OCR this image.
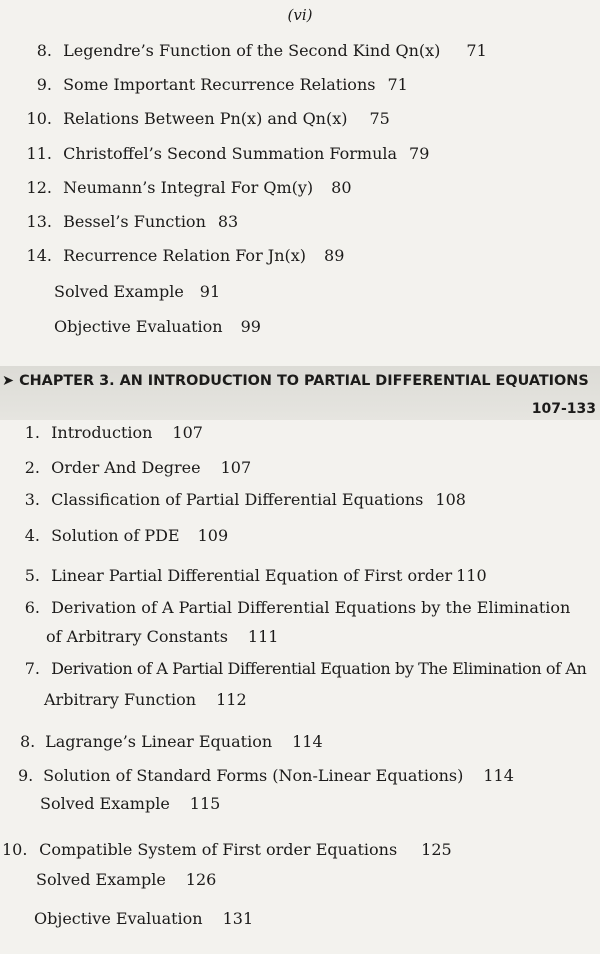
(vi)
8. Legendre’s Function of the Second Kind Qn(x) 71
9. Some Important Recurrence Relations 71
10. Relations Between Pn(x) and Qn(x) 75
11. Christoffel’s Second Summation Formula 79
12. Neumann’s Integral For Qm(y) 80
13. Bessel’s Function 83
14. Recurrence Relation For Jn(x) 89
Solved Example 91
Objective Evaluation 99
➤ CHAPTER 3. AN INTRODUCTION TO PARTIAL DIFFERENTIAL EQUATIONS
107-133
1. Introduction 107
2. Order And Degree 107
3. Classification of Partial Differential Equations 108
4. Solution of PDE 109
5. Linear Partial Differential Equation of First order 110
6. Derivation of A Partial Differential Equations by the Elimination
of Arbitrary Constants 111
7. Derivation of A Partial Differential Equation by The Elimination of An
Arbitrary Function 112
8. Lagrange’s Linear Equation 114
9. Solution of Standard Forms (Non-Linear Equations) 114
Solved Example 115
10. Compatible System of First order Equations 125
Solved Example 126
Objective Evaluation 131
